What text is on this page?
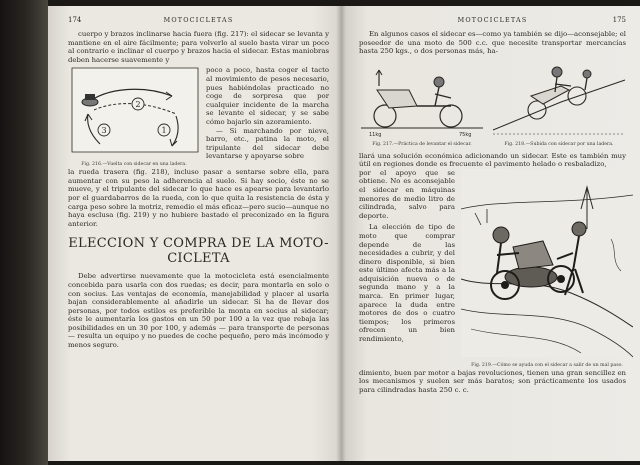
174	MOTOCICLETAS

cuerpo y brazos inclinarse hacia fuera (fig. 217): el sidecar se levanta y mantiene en el aire fácilmente; para volverlo al suelo basta virar un poco al contrario e inclinar el cuerpo y brazos hacia el sidecar. Estas maniobras deben hacerse suavemente y

2
1
3
Fig. 216.—Vuelta con sidecar en una ladera.

poco a poco, hasta coger el tacto al movimiento de pesos necesario, pues habiéndolas practicado no coge de sorpresa que por cualquier incidente de la marcha se levante el sidecar, y se sabe cómo bajarlo sin azoramiento.

— Si marchando por nieve, barro, etc., patina la moto, el tripulante del sidecar debe levantarse y apoyarse sobre

la rueda trasera (fig. 218), incluso pasar a sentarse sobre ella, para aumentar con su peso la adherencia al suelo. Si hay socio, éste no se mueve, y el tripulante del sidecar lo que hace es apearse para levantarlo por el guardabarros de la rueda, con lo que quita la resistencia de ésta y carga peso sobre la motriz, remedio el más eficaz—pero sucio—aunque no haya esclusa (fig. 219) y no hubiere bastado el preconizado en la figura anterior.

ELECCION Y COMPRA DE LA MOTO-
CICLETA

Debe advertirse nuevamente que la motocicleta está esencialmente concebida para usarla con dos ruedas; es decir, para montarla en solo o con socius. Las ventajas de economía, manejabilidad y placer al usarla bajan considerablemente al añadirle un sidecar. Si ha de llevar dos personas, por todos estilos es preferible la monta en socius al sidecar; éste le aumentaría los gastos en un 50 por 100 a la vez que rebaja las posibilidades en un 30 por 100, y además — para transporte de personas — resulta un equipo y no puedes de coche pequeño, pero más incómodo y menos seguro.

MOTOCICLETAS	175

En algunos casos el sidecar es—como ya también se dijo—aconsejable; el poseedor de una moto de 500 c.c. que necesite transportar mercancías hasta 250 kgs., o dos personas más, ha-

11kg	75kg
Fig. 217.—Práctica de levantar el sidecar.	Fig. 218.—Subida con sidecar por una ladera.

llará una solución económica adicionando un sidecar. Este es también muy útil en regiones donde es frecuente el pavimento helado o resbaladizo,

por el apoyo que se obtiene. No es aconsejable el sidecar en máquinas menores de medio litro de cilindrada, salvo para deporte.

La elección de tipo de moto que comprar depende de las necesidades a cubrir, y del dinero disponible, si bien este último afecta más a la adquisición nueva o de segunda mano y a la marca. En primer lugar, aparece la duda entre motores de dos o cuatro tiempos; los primeros ofrecen un bien rendimiento,

Fig. 219.—Cómo se ayuda con el sidecar a salir de un mal paso.

dimiento, buen par motor a bajas revoluciones, tienen una gran sencillez en los mecanismos y suelen ser más baratos; son prácticamente los usados para cilindradas hasta 250 c. c.
